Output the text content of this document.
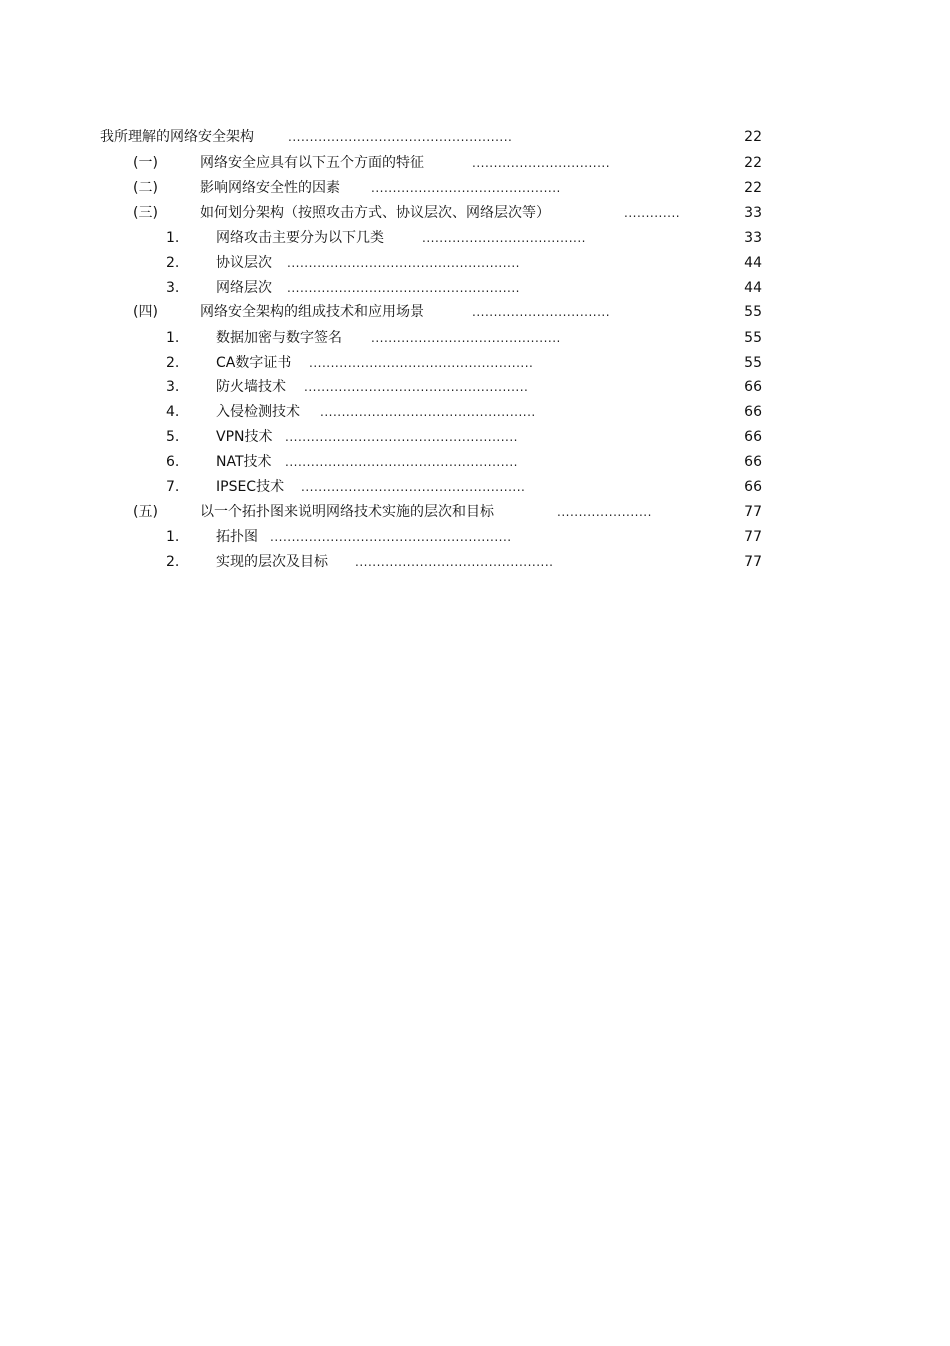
我所理解的网络安全架构	....................................................	22
(一)	网络安全应具有以下五个方面的特征	................................	22
(二)	影响网络安全性的因素	............................................	22
(三)	如何划分架构（按照攻击方式、协议层次、网络层次等）	.............	33
1.	网络攻击主要分为以下几类	......................................	33
2.	协议层次 ......................................................	44
3.	网络层次 ......................................................	44
(四)	网络安全架构的组成技术和应用场景	................................	55
1.	数据加密与数字签名 ............................................	55
2.	CA数字证书 ....................................................	55
3.	防火墙技术 ....................................................	66
4.	入侵检测技术 ..................................................	66
5.	VPN技术 ......................................................	66
6.	NAT技术 ......................................................	66
7.	IPSEC技术 ....................................................	66
(五)	以一个拓扑图来说明网络技术实施的层次和目标	......................	77
1.	拓扑图 ........................................................	77
2.	实现的层次及目标 ..............................................	77
